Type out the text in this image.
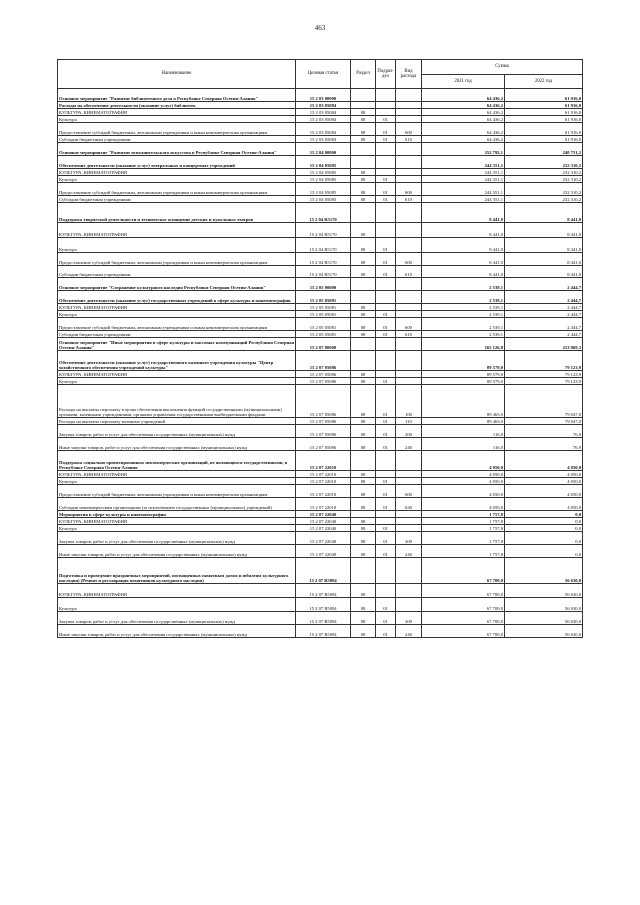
463
Наименование	Целевая статья	Раздел	Подраз- дел	Вид расхода	Сумма	
					2021 год	2022 год
Основное мероприятие "Развитие библиотечного дела в Республике Северная Осетия-Алания"	15 2 03 00000				64 436,2	61 916,0
Расходы на обеспечение деятельности (оказание услуг) библиотек	15 2 03 05084				64 436,2	61 916,0
КУЛЬТУРА, КИНЕМАТОГРАФИЯ	15 2 03 05084	08			64 436,2	61 916,0
Культура	15 2 03 05084	08	01		64 436,2	61 916,0
Предоставление субсидий бюджетным, автономным учреждениям и иным некоммерческим организациям	15 2 03 05084	08	01	600	64 436,2	61 916,0
Субсидии бюджетным учреждениям	15 2 03 05084	08	01	610	64 436,2	61 916,0
Основное мероприятие "Развитие исполнительского искусства в Республике Северная Осетия-Алания"	15 2 04 00000				252 792,1	240 751,2
Обеспечение деятельности (оказание услуг) театральных и концертных учреждений	15 2 04 05085				244 351,1	232 310,2
КУЛЬТУРА, КИНЕМАТОГРАФИЯ	15 2 04 05085	08			244 351,1	232 310,2
Культура	15 2 04 05085	08	01		244 351,1	232 310,2
Предоставление субсидий бюджетным, автономным учреждениям и иным некоммерческим организациям	15 2 04 05085	08	01	600	244 351,1	232 310,2
Субсидии бюджетным учреждениям	15 2 04 05085	08	01	610	244 351,1	232 310,2
Поддержка творческой деятельности и техническое оснащение детских и кукольных театров	15 2 04 R5170				8 441,0	8 441,0
КУЛЬТУРА, КИНЕМАТОГРАФИЯ	15 2 04 R5170	08			8 441,0	8 441,0
Культура	15 2 04 R5170	08	01		8 441,0	8 441,0
Предоставление субсидий бюджетным, автономным учреждениям и иным некоммерческим организациям	15 2 04 R5170	08	01	600	8 441,0	8 441,0
Субсидии бюджетным учреждениям	15 2 04 R5170	08	01	610	8 441,0	8 441,0
Основное мероприятие "Сохранение культурного наследия Республики Северная Осетия-Алания"	15 2 05 00000				2 539,1	2 444,7
Обеспечение деятельности (оказание услуг) государственных учреждений в сфере культуры и кинематографии	15 2 05 05081				2 539,1	2 444,7
КУЛЬТУРА, КИНЕМАТОГРАФИЯ	15 2 05 05081	08			2 539,1	2 444,7
Культура	15 2 05 05081	08	01		2 539,1	2 444,7
Предоставление субсидий бюджетным, автономным учреждениям и иным некоммерческим организациям	15 2 05 05081	08	01	600	2 539,1	2 444,7
Субсидии бюджетным учреждениям	15 2 05 05081	08	01	610	2 539,1	2 444,7
Основное мероприятие "Иные мероприятия в сфере культуры и массовых коммуникаций Республики Северная Осетия-Алания"	15 2 07 00000				165 126,8	213 069,3
Обеспечение деятельности (оказание услуг) государственного казенного учреждения культуры "Центр хозяйственного обеспечения учреждений культуры"	15 2 07 05086				89 579,0	79 123,9
КУЛЬТУРА, КИНЕМАТОГРАФИЯ	15 2 07 05086	08			89 579,0	79 123,9
Культура	15 2 07 05086	08	01		89 579,0	79 123,9
Расходы на выплаты персоналу в целях обеспечения выполнения функций государственными (муниципальными) органами, казенными учреждениями, органами управления государственными внебюджетными фондами	15 2 07 05086	08	01	100	89 463,0	79 047,0
Расходы на выплаты персоналу казенных учреждений	15 2 07 05086	08	01	110	89 463,0	79 047,0
Закупка товаров, работ и услуг для обеспечения государственных (муниципальных) нужд	15 2 07 05086	08	01	200	116,0	76,9
Иные закупки товаров, работ и услуг для обеспечения государственных (муниципальных) нужд	15 2 07 05086	08	01	240	116,0	76,9
Поддержка социально ориентированных некоммерческих организаций, не являющихся государственными, в Республике Северная Осетия-Алания	15 2 07 22010				4 050,0	4 050,0
КУЛЬТУРА, КИНЕМАТОГРАФИЯ	15 2 07 22010	08			4 050,0	4 050,0
Культура	15 2 07 22010	08	01		4 050,0	4 050,0
Предоставление субсидий бюджетным, автономным учреждениям и иным некоммерческим организациям	15 2 07 22010	08	01	600	4 050,0	4 050,0
Субсидии некоммерческим организациям (за исключением государственных (муниципальных) учреждений)	15 2 07 22010	08	01	630	4 050,0	4 050,0
Мероприятия в сфере культуры и кинематографии	15 2 07 22040				1 757,8	0,0
КУЛЬТУРА, КИНЕМАТОГРАФИЯ	15 2 07 22040	08			1 757,8	0,0
Культура	15 2 07 22040	08	01		1 757,8	0,0
Закупка товаров, работ и услуг для обеспечения государственных (муниципальных) нужд	15 2 07 22040	08	01	200	1 757,8	0,0
Иные закупки товаров, работ и услуг для обеспечения государственных (муниципальных) нужд	15 2 07 22040	08	01	240	1 757,8	0,0
Подготовка и проведение праздничных мероприятий, посвященных памятным датам и юбилеям культурного наследия) (Ремонт и реставрация памятников культурного наследия)	15 2 07 R5094				67 700,0	56 630,0
КУЛЬТУРА, КИНЕМАТОГРАФИЯ	15 2 07 R5094	08			67 700,0	56 630,0
Культура	15 2 07 R5094	08	01		67 700,0	56 630,0
Закупка товаров, работ и услуг для обеспечения государственных (муниципальных) нужд	15 2 07 R5094	08	01	200	67 700,0	56 630,0
Иные закупки товаров, работ и услуг для обеспечения государственных (муниципальных) нужд	15 2 07 R5094	08	01	240	67 700,0	56 630,0
